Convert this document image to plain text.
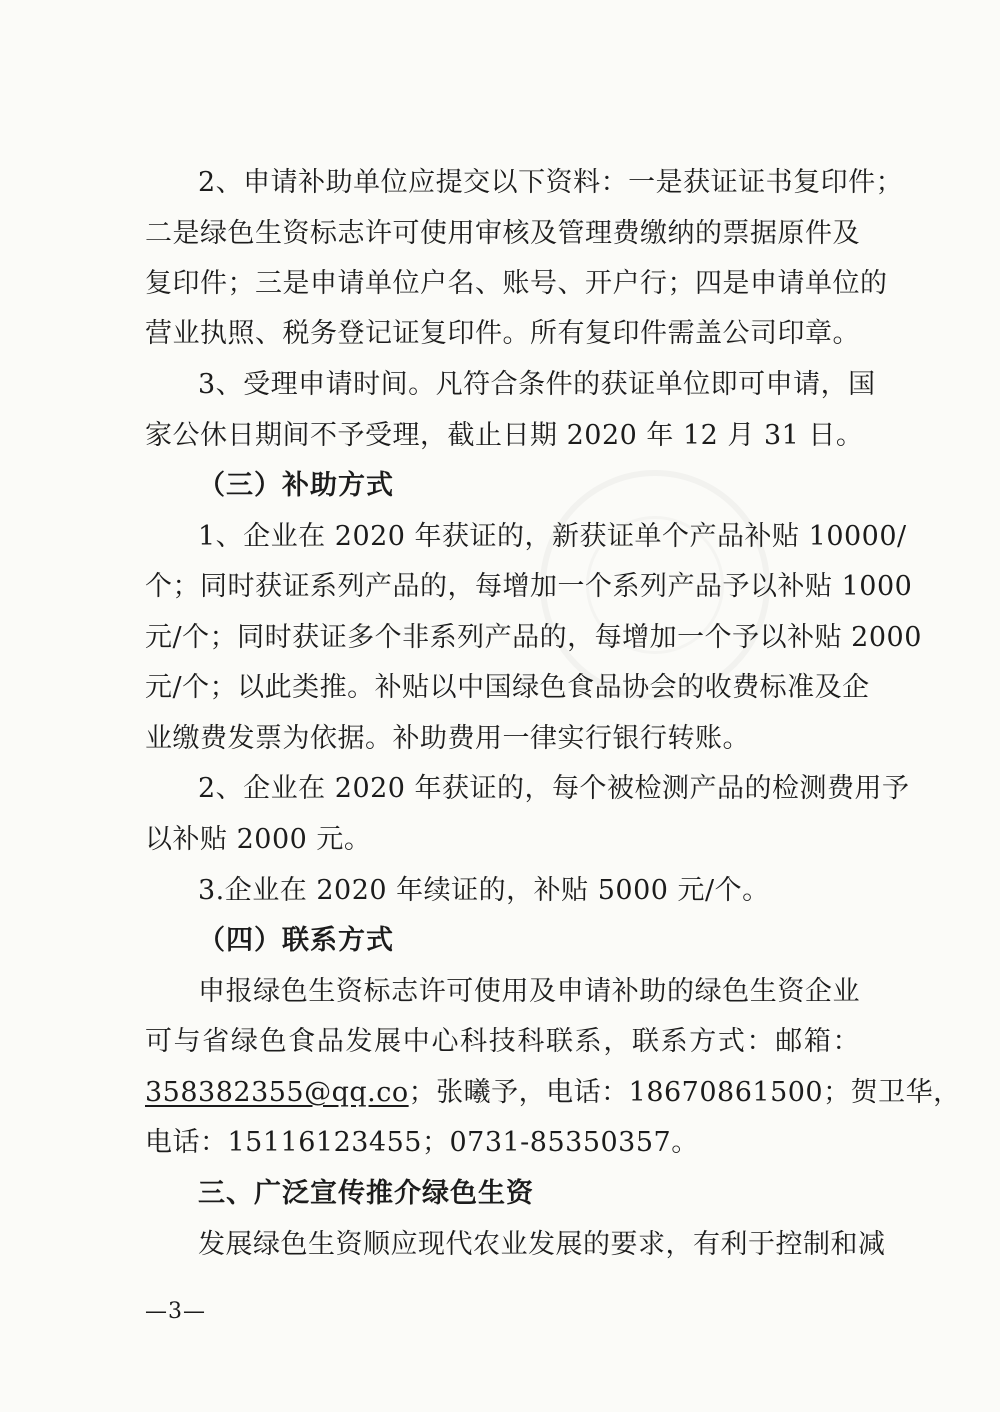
2、申请补助单位应提交以下资料：一是获证证书复印件；
二是绿色生资标志许可使用审核及管理费缴纳的票据原件及
复印件；三是申请单位户名、账号、开户行；四是申请单位的
营业执照、税务登记证复印件。所有复印件需盖公司印章。
3、受理申请时间。凡符合条件的获证单位即可申请，国
家公休日期间不予受理，截止日期 2020 年 12 月 31 日。
（三）补助方式
1、企业在 2020 年获证的，新获证单个产品补贴 10000/
个；同时获证系列产品的，每增加一个系列产品予以补贴 1000
元/个；同时获证多个非系列产品的，每增加一个予以补贴 2000
元/个；以此类推。补贴以中国绿色食品协会的收费标准及企
业缴费发票为依据。补助费用一律实行银行转账。
2、企业在 2020 年获证的，每个被检测产品的检测费用予
以补贴 2000 元。
3.企业在 2020 年续证的，补贴 5000 元/个。
（四）联系方式
申报绿色生资标志许可使用及申请补助的绿色生资企业
可与省绿色食品发展中心科技科联系，联系方式：邮箱：
358382355@qq.co；张曦予，电话：18670861500；贺卫华，
电话：15116123455；0731-85350357。
三、广泛宣传推介绿色生资
发展绿色生资顺应现代农业发展的要求，有利于控制和减
—3—
